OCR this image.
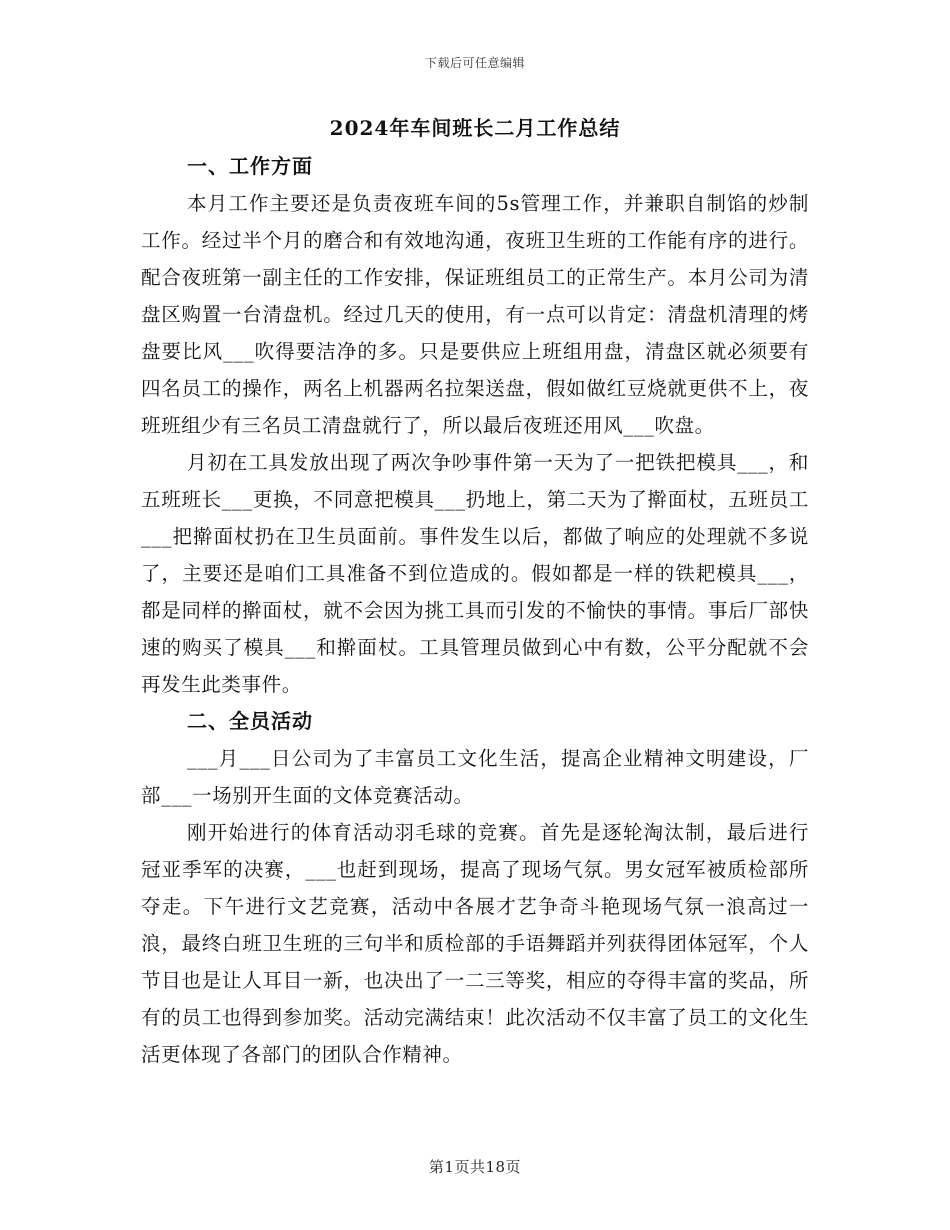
下载后可任意编辑
2024年车间班长二月工作总结
一、工作方面

本月工作主要还是负责夜班车间的5s管理工作，并兼职自制馅的炒制工作。经过半个月的磨合和有效地沟通，夜班卫生班的工作能有序的进行。配合夜班第一副主任的工作安排，保证班组员工的正常生产。本月公司为清盘区购置一台清盘机。经过几天的使用，有一点可以肯定：清盘机清理的烤盘要比风___吹得要洁净的多。只是要供应上班组用盘，清盘区就必须要有四名员工的操作，两名上机器两名拉架送盘，假如做红豆烧就更供不上，夜班班组少有三名员工清盘就行了，所以最后夜班还用风___吹盘。

月初在工具发放出现了两次争吵事件第一天为了一把铁把模具___，和五班班长___更换，不同意把模具___扔地上，第二天为了擀面杖，五班员工___把擀面杖扔在卫生员面前。事件发生以后，都做了响应的处理就不多说了，主要还是咱们工具准备不到位造成的。假如都是一样的铁耙模具___，都是同样的擀面杖，就不会因为挑工具而引发的不愉快的事情。事后厂部快速的购买了模具___和擀面杖。工具管理员做到心中有数，公平分配就不会再发生此类事件。

二、全员活动

___月___日公司为了丰富员工文化生活，提高企业精神文明建设，厂部___一场别开生面的文体竞赛活动。

刚开始进行的体育活动羽毛球的竞赛。首先是逐轮淘汰制，最后进行冠亚季军的决赛，___也赶到现场，提高了现场气氛。男女冠军被质检部所夺走。下午进行文艺竞赛，活动中各展才艺争奇斗艳现场气氛一浪高过一浪，最终白班卫生班的三句半和质检部的手语舞蹈并列获得团体冠军，个人节目也是让人耳目一新，也决出了一二三等奖，相应的夺得丰富的奖品，所有的员工也得到参加奖。活动完满结束！此次活动不仅丰富了员工的文化生活更体现了各部门的团队合作精神。

第1页共18页
